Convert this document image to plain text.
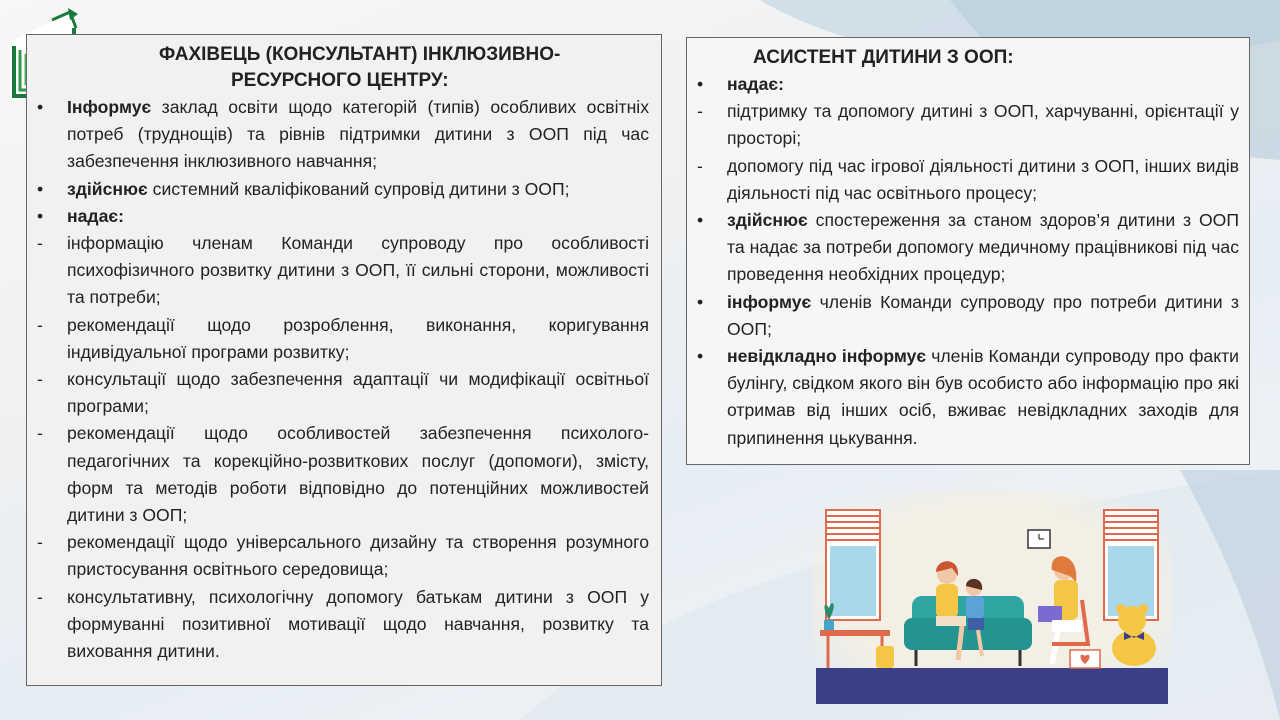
ФАХІВЕЦЬ (КОНСУЛЬТАНТ) ІНКЛЮЗИВНО-
РЕСУРСНОГО ЦЕНТРУ:
•	Інформує заклад освіти щодо категорій (типів) особливих освітніх потреб (труднощів) та рівнів підтримки дитини з ООП під час забезпечення інклюзивного навчання;
•	здійснює системний кваліфікований супровід дитини з ООП;
•	надає:
-	інформацію членам Команди супроводу про особливості психофізичного розвитку дитини з ООП, її сильні сторони, можливості та потреби;
-	рекомендації щодо розроблення, виконання, коригування індивідуальної програми розвитку;
-	консультації щодо забезпечення адаптації чи модифікації освітньої програми;
-	рекомендації щодо особливостей забезпечення психолого-педагогічних та корекційно-розвиткових послуг (допомоги), змісту, форм та методів роботи відповідно до потенційних можливостей дитини з ООП;
-	рекомендації щодо універсального дизайну та створення розумного пристосування освітнього середовища;
-	консультативну, психологічну допомогу батькам дитини з ООП у формуванні позитивної мотивації щодо навчання, розвитку та виховання дитини.
АСИСТЕНТ ДИТИНИ З ООП:
•	надає:
-	підтримку та допомогу дитині з ООП, харчуванні, орієнтації у просторі;
-	допомогу під час ігрової діяльності дитини з ООП, інших видів діяльності під час освітнього процесу;
•	здійснює спостереження за станом здоров’я дитини з ООП та надає за потреби допомогу медичному працівникові під час проведення необхідних процедур;
•	інформує членів Команди супроводу про потреби дитини з ООП;
•	невідкладно інформує членів Команди супроводу про факти булінгу, свідком якого він був особисто або інформацію про які отримав від інших осіб, вживає невідкладних заходів для припинення цькування.
